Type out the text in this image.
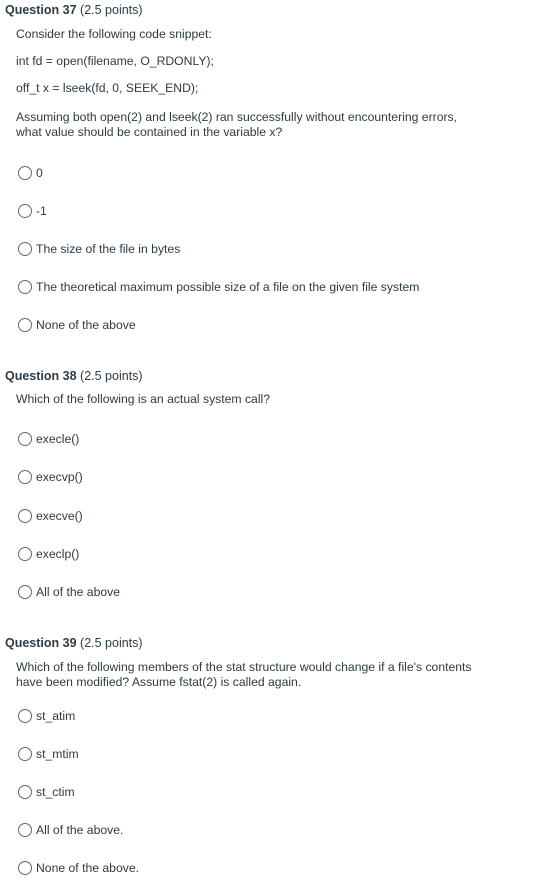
Question 37 (2.5 points)
Consider the following code snippet:
int fd = open(filename, O_RDONLY);
off_t x = lseek(fd, 0, SEEK_END);
Assuming both open(2) and lseek(2) ran successfully without encountering errors, what value should be contained in the variable x?
0
-1
The size of the file in bytes
The theoretical maximum possible size of a file on the given file system
None of the above
Question 38 (2.5 points)
Which of the following is an actual system call?
execle()
execvp()
execve()
execlp()
All of the above
Question 39 (2.5 points)
Which of the following members of the stat structure would change if a file's contents have been modified? Assume fstat(2) is called again.
st_atim
st_mtim
st_ctim
All of the above.
None of the above.
